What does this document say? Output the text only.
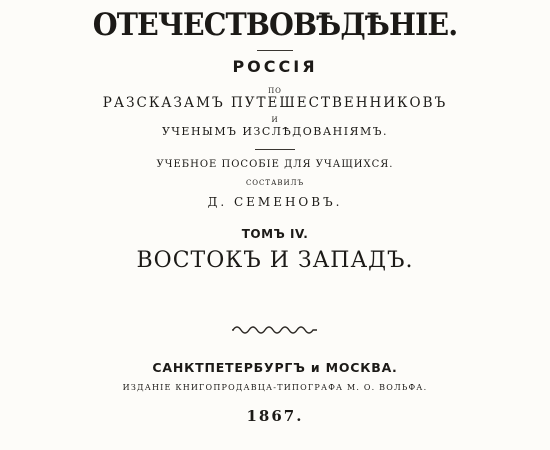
ОТЕЧЕСТВОВѢДѢНІЕ.
РОССІЯ
ПО
РАЗСКАЗАМЪ ПУТЕШЕСТВЕННИКОВЪ
И
УЧЕНЫМЪ ИЗСЛѢДОВАНІЯМЪ.
УЧЕБНОЕ ПОСОБІЕ ДЛЯ УЧАЩИХСЯ.
СОСТАВИЛЪ
Д. СЕМЕНОВЪ.
ТОМЪ IV.
ВОСТОКЪ И ЗАПАДЪ.
САНКТПЕТЕРБУРГЪ и МОСКВА.
ИЗДАНІЕ КНИГОПРОДАВЦА-ТИПОГРАФА М. О. ВОЛЬФА.
1867.
